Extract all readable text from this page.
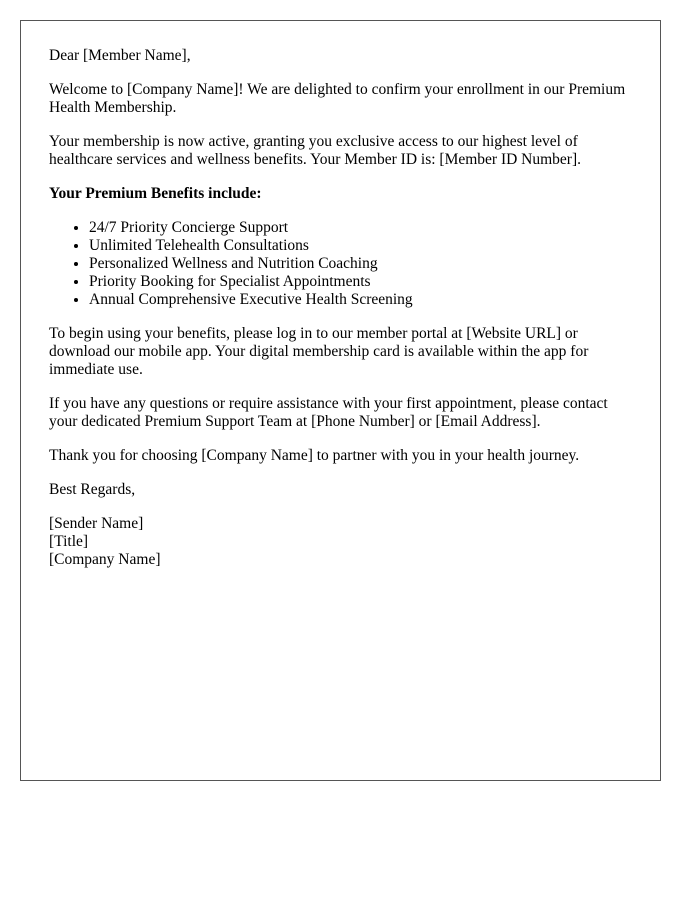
Dear [Member Name],

Welcome to [Company Name]! We are delighted to confirm your enrollment in our Premium Health Membership.

Your membership is now active, granting you exclusive access to our highest level of healthcare services and wellness benefits. Your Member ID is: [Member ID Number].

Your Premium Benefits include:

• 24/7 Priority Concierge Support
• Unlimited Telehealth Consultations
• Personalized Wellness and Nutrition Coaching
• Priority Booking for Specialist Appointments
• Annual Comprehensive Executive Health Screening

To begin using your benefits, please log in to our member portal at [Website URL] or download our mobile app. Your digital membership card is available within the app for immediate use.

If you have any questions or require assistance with your first appointment, please contact your dedicated Premium Support Team at [Phone Number] or [Email Address].

Thank you for choosing [Company Name] to partner with you in your health journey.

Best Regards,

[Sender Name]
[Title]
[Company Name]
